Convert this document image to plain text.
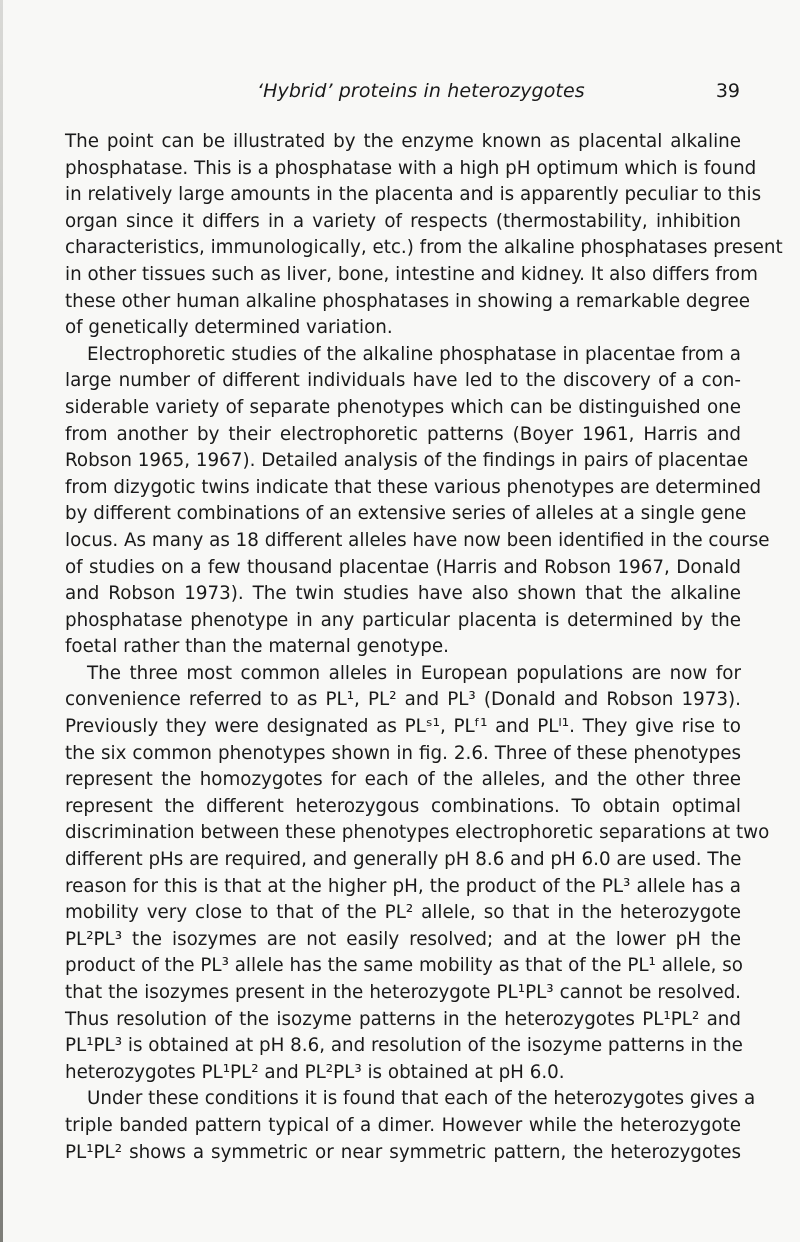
‘Hybrid’ proteins in heterozygotes	39
The point can be illustrated by the enzyme known as placental alkaline
phosphatase. This is a phosphatase with a high pH optimum which is found
in relatively large amounts in the placenta and is apparently peculiar to this
organ since it differs in a variety of respects (thermostability, inhibition
characteristics, immunologically, etc.) from the alkaline phosphatases present
in other tissues such as liver, bone, intestine and kidney. It also differs from
these other human alkaline phosphatases in showing a remarkable degree
of genetically determined variation.
Electrophoretic studies of the alkaline phosphatase in placentae from a
large number of different individuals have led to the discovery of a con-
siderable variety of separate phenotypes which can be distinguished one
from another by their electrophoretic patterns (Boyer 1961, Harris and
Robson 1965, 1967). Detailed analysis of the findings in pairs of placentae
from dizygotic twins indicate that these various phenotypes are determined
by different combinations of an extensive series of alleles at a single gene
locus. As many as 18 different alleles have now been identified in the course
of studies on a few thousand placentae (Harris and Robson 1967, Donald
and Robson 1973). The twin studies have also shown that the alkaline
phosphatase phenotype in any particular placenta is determined by the
foetal rather than the maternal genotype.
The three most common alleles in European populations are now for
convenience referred to as PL¹, PL² and PL³ (Donald and Robson 1973).
Previously they were designated as PLˢ¹, PLᶠ¹ and PLᴵ¹. They give rise to
the six common phenotypes shown in fig. 2.6. Three of these phenotypes
represent the homozygotes for each of the alleles, and the other three
represent the different heterozygous combinations. To obtain optimal
discrimination between these phenotypes electrophoretic separations at two
different pHs are required, and generally pH 8.6 and pH 6.0 are used. The
reason for this is that at the higher pH, the product of the PL³ allele has a
mobility very close to that of the PL² allele, so that in the heterozygote
PL²PL³ the isozymes are not easily resolved; and at the lower pH the
product of the PL³ allele has the same mobility as that of the PL¹ allele, so
that the isozymes present in the heterozygote PL¹PL³ cannot be resolved.
Thus resolution of the isozyme patterns in the heterozygotes PL¹PL² and
PL¹PL³ is obtained at pH 8.6, and resolution of the isozyme patterns in the
heterozygotes PL¹PL² and PL²PL³ is obtained at pH 6.0.
Under these conditions it is found that each of the heterozygotes gives a
triple banded pattern typical of a dimer. However while the heterozygote
PL¹PL² shows a symmetric or near symmetric pattern, the heterozygotes
